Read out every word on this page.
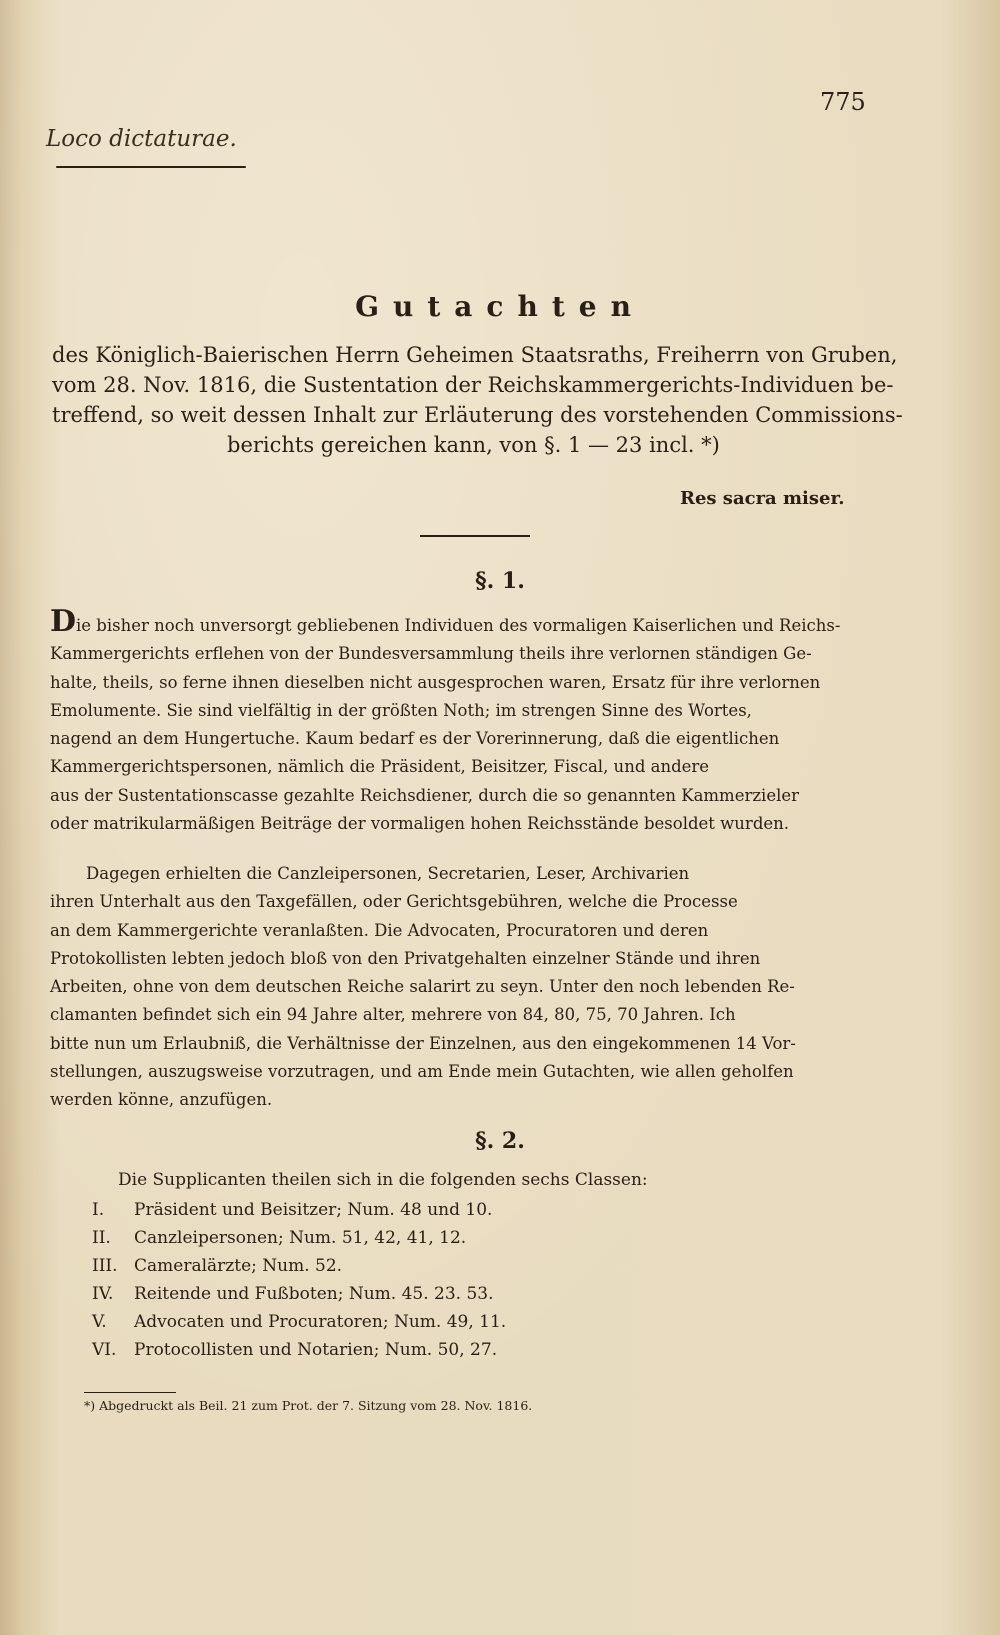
775
Loco dictaturae.
Gutachten
des Königlich-Baierischen Herrn Geheimen Staatsraths, Freiherrn von Gruben,
vom 28. Nov. 1816, die Sustentation der Reichskammergerichts-Individuen be-
treffend, so weit dessen Inhalt zur Erläuterung des vorstehenden Commissions-
berichts gereichen kann, von §. 1 — 23 incl. *)
Res sacra miser.
§. 1.
Die bisher noch unversorgt gebliebenen Individuen des vormaligen Kaiserlichen und Reichs-
Kammergerichts erflehen von der Bundesversammlung theils ihre verlornen ständigen Ge-
halte, theils, so ferne ihnen dieselben nicht ausgesprochen waren, Ersatz für ihre verlornen
Emolumente. Sie sind vielfältig in der größten Noth; im strengen Sinne des Wortes,
nagend an dem Hungertuche. Kaum bedarf es der Vorerinnerung, daß die eigentlichen
Kammergerichtspersonen, nämlich die Präsident, Beisitzer, Fiscal, und andere
aus der Sustentationscasse gezahlte Reichsdiener, durch die so genannten Kammerzieler
oder matrikularmäßigen Beiträge der vormaligen hohen Reichsstände besoldet wurden.
Dagegen erhielten die Canzleipersonen, Secretarien, Leser, Archivarien
ihren Unterhalt aus den Taxgefällen, oder Gerichtsgebühren, welche die Processe
an dem Kammergerichte veranlaßten. Die Advocaten, Procuratoren und deren
Protokollisten lebten jedoch bloß von den Privatgehalten einzelner Stände und ihren
Arbeiten, ohne von dem deutschen Reiche salarirt zu seyn. Unter den noch lebenden Re-
clamanten befindet sich ein 94 Jahre alter, mehrere von 84, 80, 75, 70 Jahren. Ich
bitte nun um Erlaubniß, die Verhältnisse der Einzelnen, aus den eingekommenen 14 Vor-
stellungen, auszugsweise vorzutragen, und am Ende mein Gutachten, wie allen geholfen
werden könne, anzufügen.
§. 2.
Die Supplicanten theilen sich in die folgenden sechs Classen:
I.	Präsident und Beisitzer; Num. 48 und 10.
II.	Canzleipersonen; Num. 51, 42, 41, 12.
III. Cameralärzte; Num. 52.
IV.	Reitende und Fußboten; Num. 45. 23. 53.
V.	Advocaten und Procuratoren; Num. 49, 11.
VI.	Protocollisten und Notarien; Num. 50, 27.
*) Abgedruckt als Beil. 21 zum Prot. der 7. Sitzung vom 28. Nov. 1816.
